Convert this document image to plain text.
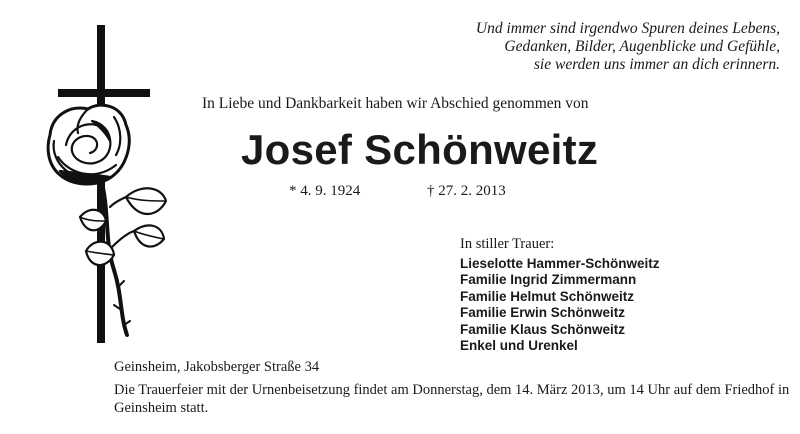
Und immer sind irgendwo Spuren deines Lebens,
Gedanken, Bilder, Augenblicke und Gefühle,
sie werden uns immer an dich erinnern.
In Liebe und Dankbarkeit haben wir Abschied genommen von
Josef Schönweitz
* 4. 9. 1924	† 27. 2. 2013
In stiller Trauer:
Lieselotte Hammer-Schönweitz
Familie Ingrid Zimmermann
Familie Helmut Schönweitz
Familie Erwin Schönweitz
Familie Klaus Schönweitz
Enkel und Urenkel
Geinsheim, Jakobsberger Straße 34
Die Trauerfeier mit der Urnenbeisetzung findet am Donnerstag, dem 14. März 2013, um 14 Uhr auf dem Friedhof in Geinsheim statt.
